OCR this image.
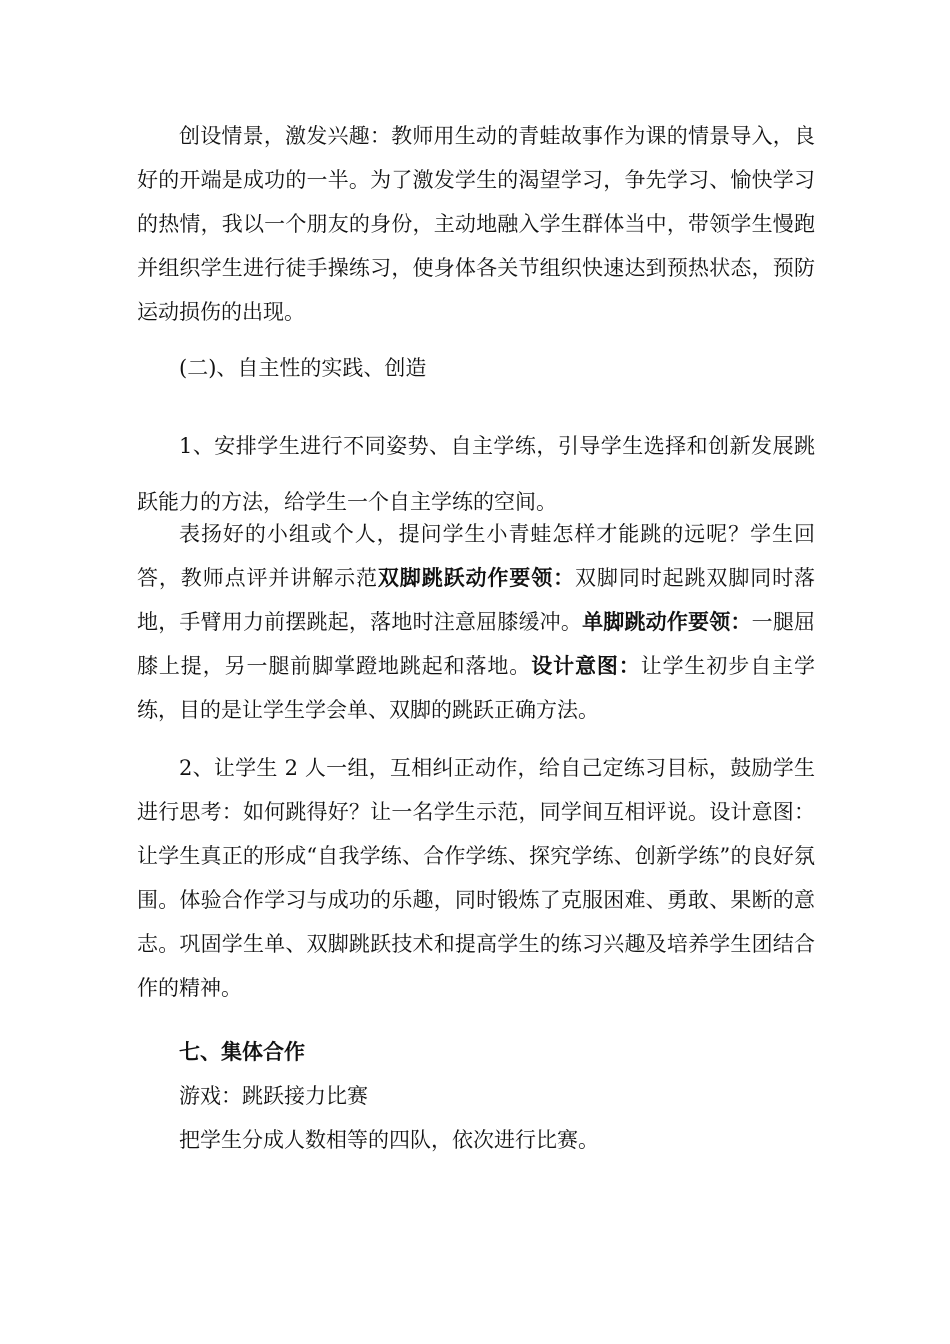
创设情景，激发兴趣：教师用生动的青蛙故事作为课的情景导入，良好的开端是成功的一半。为了激发学生的渴望学习，争先学习、愉快学习的热情，我以一个朋友的身份，主动地融入学生群体当中，带领学生慢跑并组织学生进行徒手操练习，使身体各关节组织快速达到预热状态，预防运动损伤的出现。

(二)、自主性的实践、创造

1、安排学生进行不同姿势、自主学练，引导学生选择和创新发展跳跃能力的方法，给学生一个自主学练的空间。

表扬好的小组或个人，提问学生小青蛙怎样才能跳的远呢？学生回答，教师点评并讲解示范双脚跳跃动作要领：双脚同时起跳双脚同时落地，手臂用力前摆跳起，落地时注意屈膝缓冲。单脚跳动作要领：一腿屈膝上提，另一腿前脚掌蹬地跳起和落地。设计意图：让学生初步自主学练，目的是让学生学会单、双脚的跳跃正确方法。

2、让学生 2 人一组，互相纠正动作，给自己定练习目标，鼓励学生进行思考：如何跳得好？让一名学生示范，同学间互相评说。设计意图：让学生真正的形成“自我学练、合作学练、探究学练、创新学练”的良好氛围。体验合作学习与成功的乐趣，同时锻炼了克服困难、勇敢、果断的意志。巩固学生单、双脚跳跃技术和提高学生的练习兴趣及培养学生团结合作的精神。

七、集体合作

游戏：跳跃接力比赛

把学生分成人数相等的四队，依次进行比赛。
